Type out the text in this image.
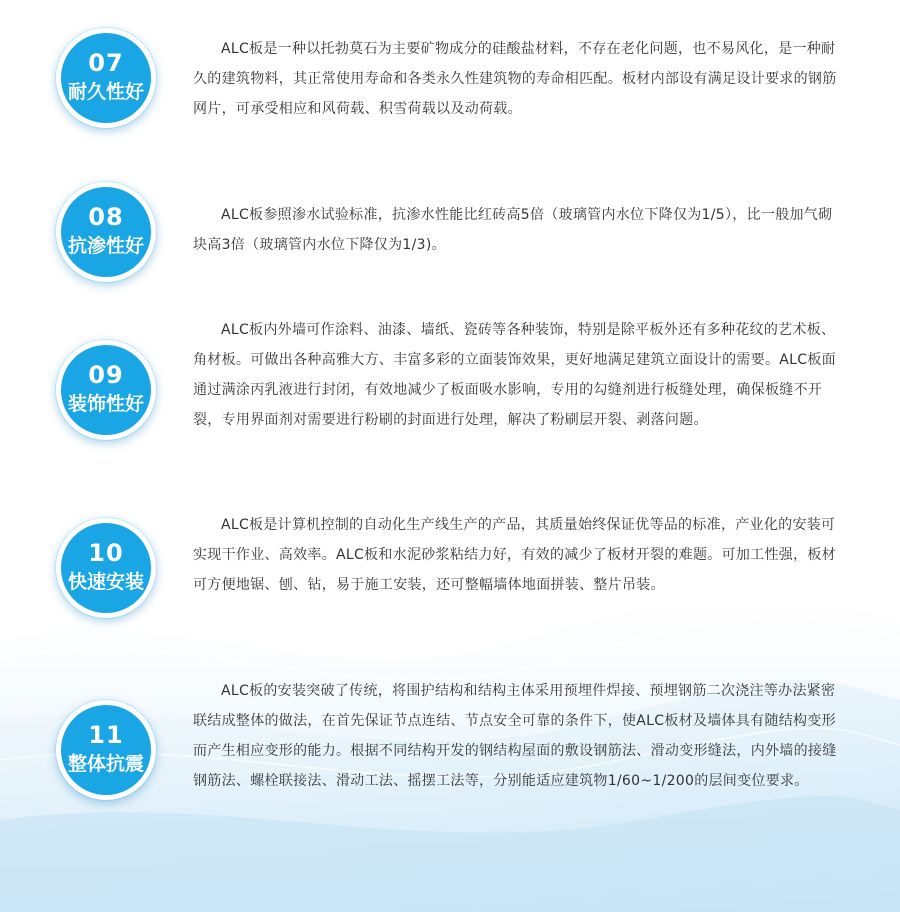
07
耐久性好

ALC板是一种以托勃莫石为主要矿物成分的硅酸盐材料，不存在老化问题，也不易风化，是一种耐久的建筑物料，其正常使用寿命和各类永久性建筑物的寿命相匹配。板材内部设有满足设计要求的钢筋网片，可承受相应和风荷载、积雪荷载以及动荷载。

08
抗渗性好

ALC板参照渗水试验标准，抗渗水性能比红砖高5倍（玻璃管内水位下降仅为1/5），比一般加气砌块高3倍（玻璃管内水位下降仅为1/3)。

09
装饰性好

ALC板内外墙可作涂料、油漆、墙纸、瓷砖等各种装饰，特别是除平板外还有多种花纹的艺术板、角材板。可做出各种高雅大方、丰富多彩的立面装饰效果，更好地满足建筑立面设计的需要。ALC板面通过满涂丙乳液进行封闭，有效地减少了板面吸水影响，专用的勾缝剂进行板缝处理，确保板缝不开裂，专用界面剂对需要进行粉刷的封面进行处理，解决了粉刷层开裂、剥落问题。

10
快速安装

ALC板是计算机控制的自动化生产线生产的产品，其质量始终保证优等品的标准，产业化的安装可实现干作业、高效率。ALC板和水泥砂浆粘结力好，有效的减少了板材开裂的难题。可加工性强，板材可方便地锯、刨、钻，易于施工安装，还可整幅墙体地面拼装、整片吊装。

11
整体抗震

ALC板的安装突破了传统，将围护结构和结构主体采用预埋件焊接、预埋钢筋二次浇注等办法紧密联结成整体的做法，在首先保证节点连结、节点安全可靠的条件下，使ALC板材及墙体具有随结构变形而产生相应变形的能力。根据不同结构开发的钢结构屋面的敷设钢筋法、滑动变形缝法，内外墙的接缝钢筋法、螺栓联接法、滑动工法、摇摆工法等，分别能适应建筑物1/60~1/200的层间变位要求。
